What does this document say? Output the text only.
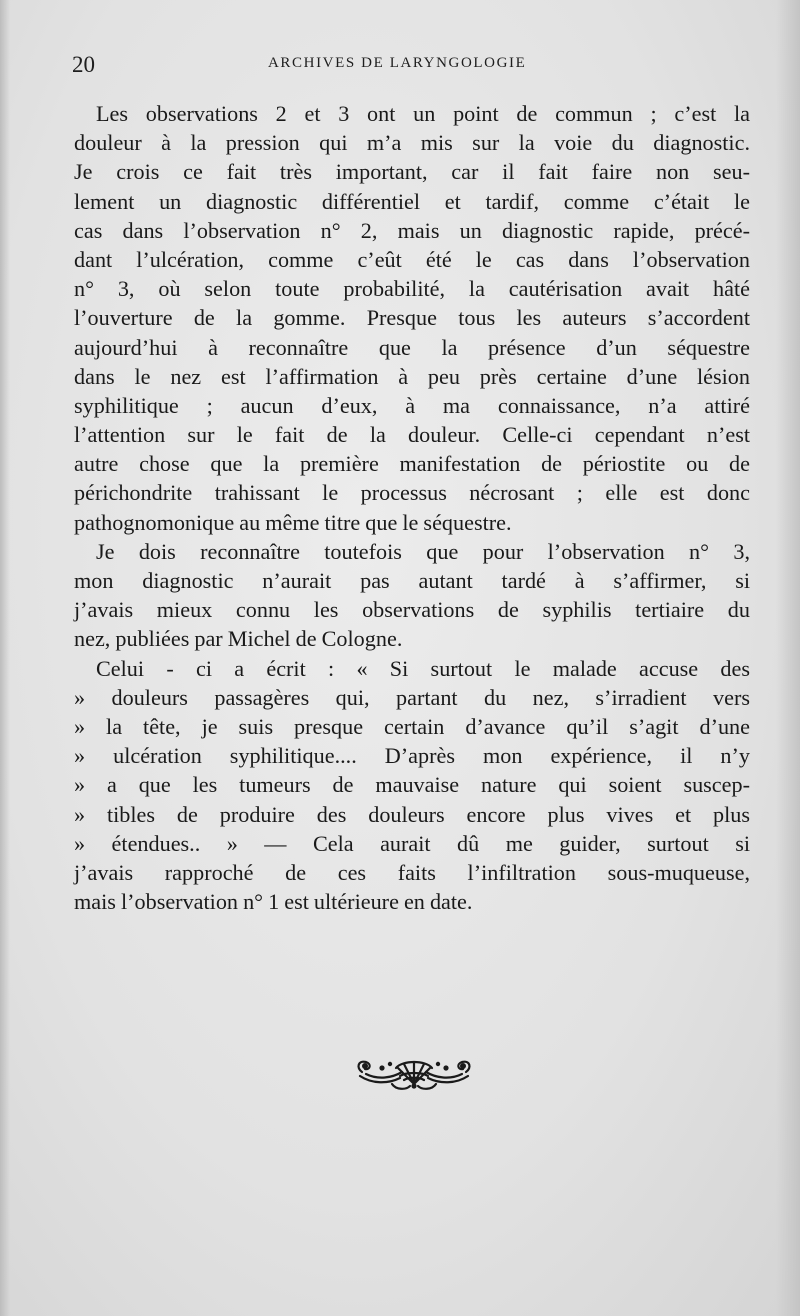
20	ARCHIVES DE LARYNGOLOGIE
Les observations 2 et 3 ont un point de commun ; c’est la
douleur à la pression qui m’a mis sur la voie du diagnostic.
Je crois ce fait très important, car il fait faire non seu-
lement un diagnostic différentiel et tardif, comme c’était le
cas dans l’observation n° 2, mais un diagnostic rapide, précé-
dant l’ulcération, comme c’eût été le cas dans l’observation
n° 3, où selon toute probabilité, la cautérisation avait hâté
l’ouverture de la gomme. Presque tous les auteurs s’accordent
aujourd’hui à reconnaître que la présence d’un séquestre
dans le nez est l’affirmation à peu près certaine d’une lésion
syphilitique ; aucun d’eux, à ma connaissance, n’a attiré
l’attention sur le fait de la douleur. Celle-ci cependant n’est
autre chose que la première manifestation de périostite ou de
périchondrite trahissant le processus nécrosant ; elle est donc
pathognomonique au même titre que le séquestre.
Je dois reconnaître toutefois que pour l’observation n° 3,
mon diagnostic n’aurait pas autant tardé à s’affirmer, si
j’avais mieux connu les observations de syphilis tertiaire du
nez, publiées par Michel de Cologne.
Celui - ci a écrit : « Si surtout le malade accuse des
» douleurs passagères qui, partant du nez, s’irradient vers
» la tête, je suis presque certain d’avance qu’il s’agit d’une
» ulcération syphilitique.... D’après mon expérience, il n’y
» a que les tumeurs de mauvaise nature qui soient suscep-
» tibles de produire des douleurs encore plus vives et plus
» étendues.. » — Cela aurait dû me guider, surtout si
j’avais rapproché de ces faits l’infiltration sous-muqueuse,
mais l’observation n° 1 est ultérieure en date.
